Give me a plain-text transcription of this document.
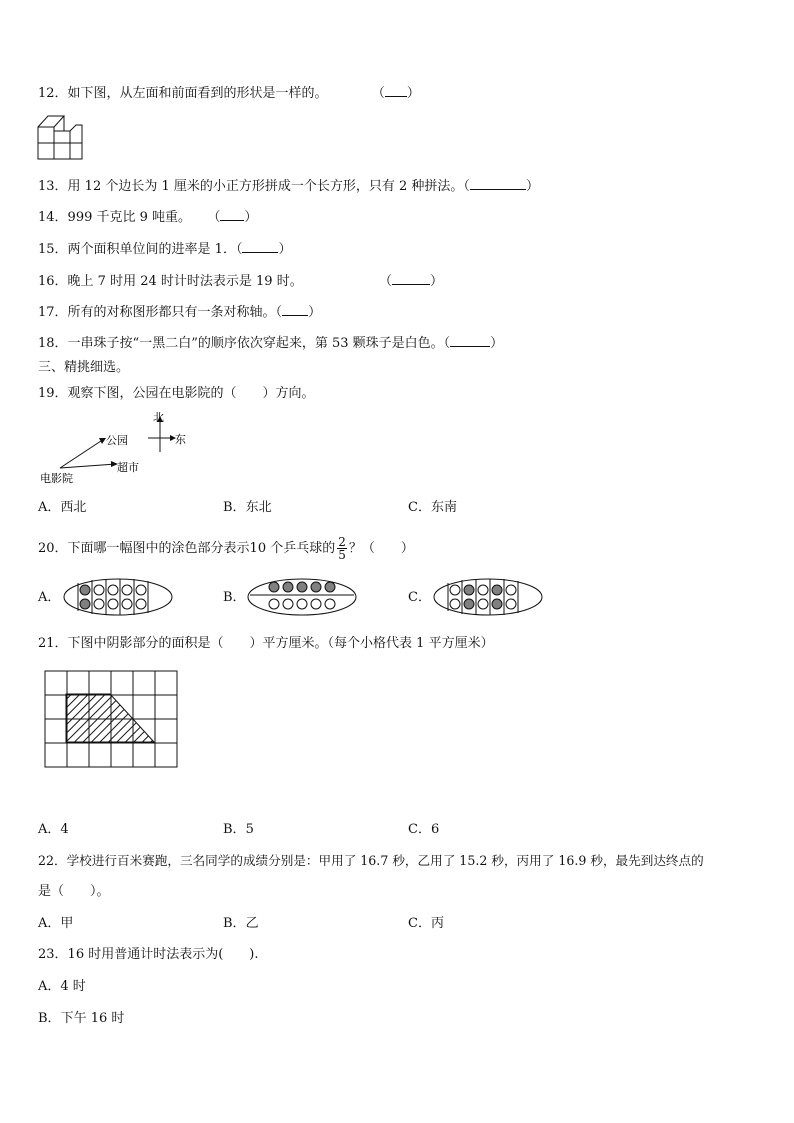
12．如下图，从左面和前面看到的形状是一样的。	（ ）
13．用 12 个边长为 1 厘米的小正方形拼成一个长方形，只有 2 种拼法。（	）
14．999 千克比 9 吨重。 （ ）
15．两个面积单位间的进率是 1．（	）
16．晚上 7 时用 24 时计时法表示是 19 时。	（	）
17．所有的对称图形都只有一条对称轴。（ ）
18．一串珠子按“一黑二白”的顺序依次穿起来，第 53 颗珠子是白色。（	）
三、精挑细选。
19．观察下图，公园在电影院的（　　）方向。
北
东
公园
超市
电影院
A．西北	B．东北	C．东南
20．下面哪一幅图中的涂色部分表示10 个乒乓球的 $\frac{2}{5}$ ？（　　）
A．	B．	C．
21．下图中阴影部分的面积是（　　）平方厘米。（每个小格代表 1 平方厘米）
A．4	B．5	C．6
22．学校进行百米赛跑，三名同学的成绩分别是：甲用了 16.7 秒，乙用了 15.2 秒，丙用了 16.9 秒，最先到达终点的
是（　　）。
A．甲	B．乙	C．丙
23．16 时用普通计时法表示为(　　).
A．4 时
B．下午 16 时
